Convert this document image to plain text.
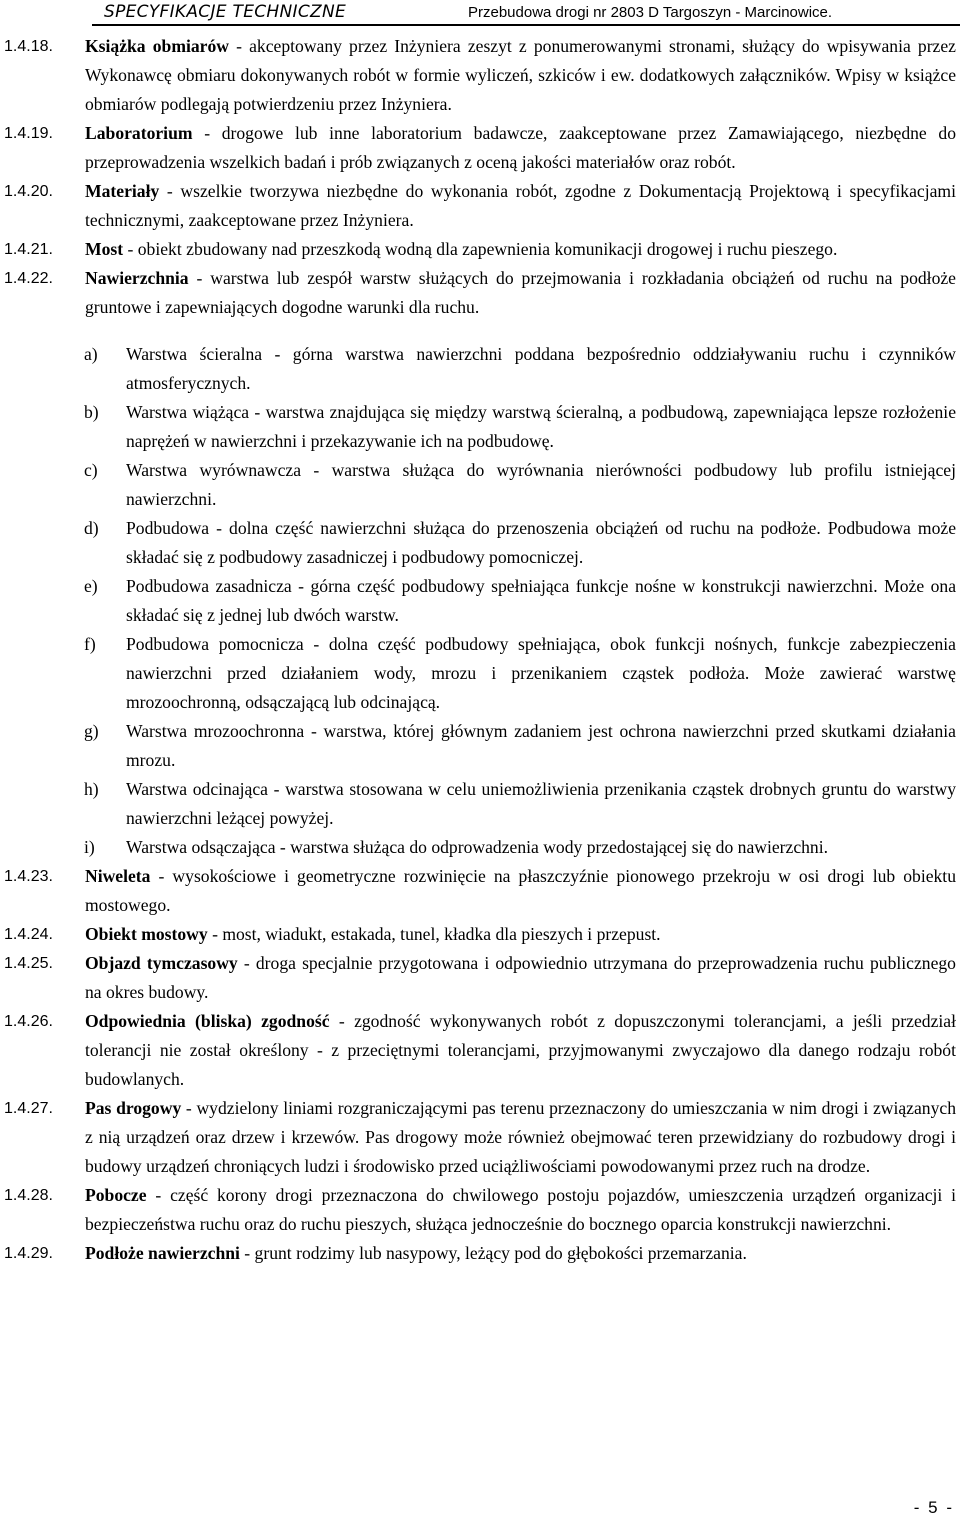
SPECYFIKACJE TECHNICZNE	Przebudowa drogi nr 2803 D Targoszyn - Marcinowice.
1.4.18. Książka obmiarów - akceptowany przez Inżyniera zeszyt z ponumerowanymi stronami, służący do wpisywania przez Wykonawcę obmiaru dokonywanych robót w formie wyliczeń, szkiców i ew. dodatkowych załączników. Wpisy w książce obmiarów podlegają potwierdzeniu przez Inżyniera.
1.4.19. Laboratorium - drogowe lub inne laboratorium badawcze, zaakceptowane przez Zamawiającego, niezbędne do przeprowadzenia wszelkich badań i prób związanych z oceną jakości materiałów oraz robót.
1.4.20. Materiały - wszelkie tworzywa niezbędne do wykonania robót, zgodne z Dokumentacją Projektową i specyfikacjami technicznymi, zaakceptowane przez Inżyniera.
1.4.21. Most - obiekt zbudowany nad przeszkodą wodną dla zapewnienia komunikacji drogowej i ruchu pieszego.
1.4.22. Nawierzchnia - warstwa lub zespół warstw służących do przejmowania i rozkładania obciążeń od ruchu na podłoże gruntowe i zapewniających dogodne warunki dla ruchu.
a) Warstwa ścieralna - górna warstwa nawierzchni poddana bezpośrednio oddziaływaniu ruchu i czynników atmosferycznych.
b) Warstwa wiążąca - warstwa znajdująca się między warstwą ścieralną, a podbudową, zapewniająca lepsze rozłożenie naprężeń w nawierzchni i przekazywanie ich na podbudowę.
c) Warstwa wyrównawcza - warstwa służąca do wyrównania nierówności podbudowy lub profilu istniejącej nawierzchni.
d) Podbudowa - dolna część nawierzchni służąca do przenoszenia obciążeń od ruchu na podłoże. Podbudowa może składać się z podbudowy zasadniczej i podbudowy pomocniczej.
e) Podbudowa zasadnicza - górna część podbudowy spełniająca funkcje nośne w konstrukcji nawierzchni. Może ona składać się z jednej lub dwóch warstw.
f) Podbudowa pomocnicza - dolna część podbudowy spełniająca, obok funkcji nośnych, funkcje zabezpieczenia nawierzchni przed działaniem wody, mrozu i przenikaniem cząstek podłoża. Może zawierać warstwę mrozoochronną, odsączającą lub odcinającą.
g) Warstwa mrozoochronna - warstwa, której głównym zadaniem jest ochrona nawierzchni przed skutkami działania mrozu.
h) Warstwa odcinająca - warstwa stosowana w celu uniemożliwienia przenikania cząstek drobnych gruntu do warstwy nawierzchni leżącej powyżej.
i) Warstwa odsączająca - warstwa służąca do odprowadzenia wody przedostającej się do nawierzchni.
1.4.23. Niweleta - wysokościowe i geometryczne rozwinięcie na płaszczyźnie pionowego przekroju w osi drogi lub obiektu mostowego.
1.4.24. Obiekt mostowy - most, wiadukt, estakada, tunel, kładka dla pieszych i przepust.
1.4.25. Objazd tymczasowy - droga specjalnie przygotowana i odpowiednio utrzymana do przeprowadzenia ruchu publicznego na okres budowy.
1.4.26. Odpowiednia (bliska) zgodność - zgodność wykonywanych robót z dopuszczonymi tolerancjami, a jeśli przedział tolerancji nie został określony - z przeciętnymi tolerancjami, przyjmowanymi zwyczajowo dla danego rodzaju robót budowlanych.
1.4.27. Pas drogowy - wydzielony liniami rozgraniczającymi pas terenu przeznaczony do umieszczania w nim drogi i związanych z nią urządzeń oraz drzew i krzewów. Pas drogowy może również obejmować teren przewidziany do rozbudowy drogi i budowy urządzeń chroniących ludzi i środowisko przed uciążliwościami powodowanymi przez ruch na drodze.
1.4.28. Pobocze - część korony drogi przeznaczona do chwilowego postoju pojazdów, umieszczenia urządzeń organizacji i bezpieczeństwa ruchu oraz do ruchu pieszych, służąca jednocześnie do bocznego oparcia konstrukcji nawierzchni.
1.4.29. Podłoże nawierzchni - grunt rodzimy lub nasypowy, leżący pod do głębokości przemarzania.
- 5 -
